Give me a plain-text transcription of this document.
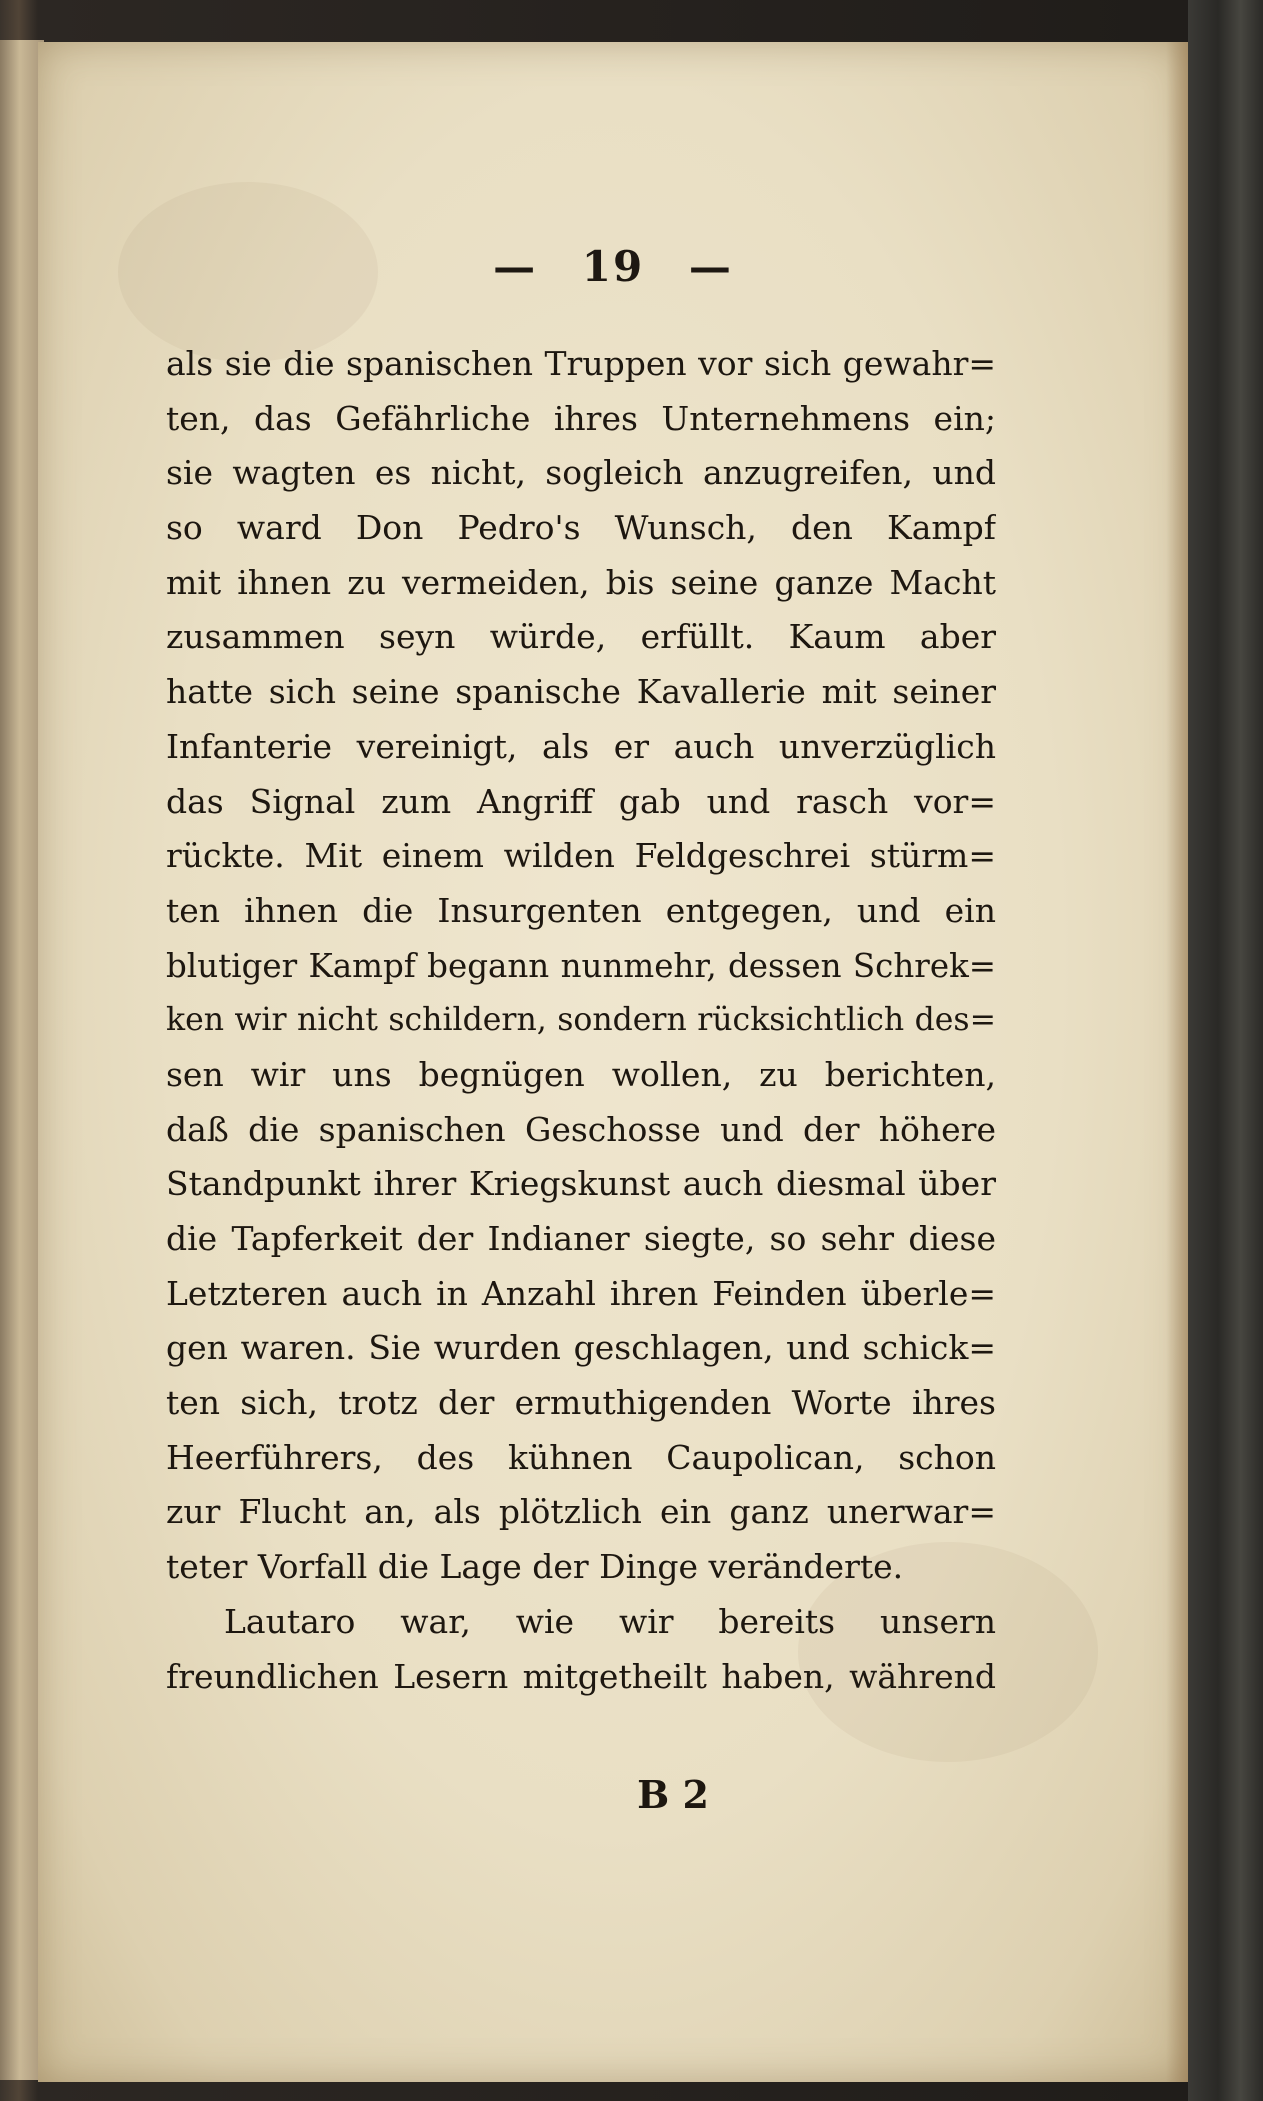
— 19 —
als sie die spanischen Truppen vor sich gewahr=
ten, das Gefährliche ihres Unternehmens ein;
sie wagten es nicht, sogleich anzugreifen, und
so ward Don Pedro's Wunsch, den Kampf
mit ihnen zu vermeiden, bis seine ganze Macht
zusammen seyn würde, erfüllt. Kaum aber
hatte sich seine spanische Kavallerie mit seiner
Infanterie vereinigt, als er auch unverzüglich
das Signal zum Angriff gab und rasch vor=
rückte. Mit einem wilden Feldgeschrei stürm=
ten ihnen die Insurgenten entgegen, und ein
blutiger Kampf begann nunmehr, dessen Schrek=
ken wir nicht schildern, sondern rücksichtlich des=
sen wir uns begnügen wollen, zu berichten,
daß die spanischen Geschosse und der höhere
Standpunkt ihrer Kriegskunst auch diesmal über
die Tapferkeit der Indianer siegte, so sehr diese
Letzteren auch in Anzahl ihren Feinden überle=
gen waren. Sie wurden geschlagen, und schick=
ten sich, trotz der ermuthigenden Worte ihres
Heerführers, des kühnen Caupolican, schon
zur Flucht an, als plötzlich ein ganz unerwar=
teter Vorfall die Lage der Dinge veränderte.
Lautaro war, wie wir bereits unsern
freundlichen Lesern mitgetheilt haben, während
B 2
